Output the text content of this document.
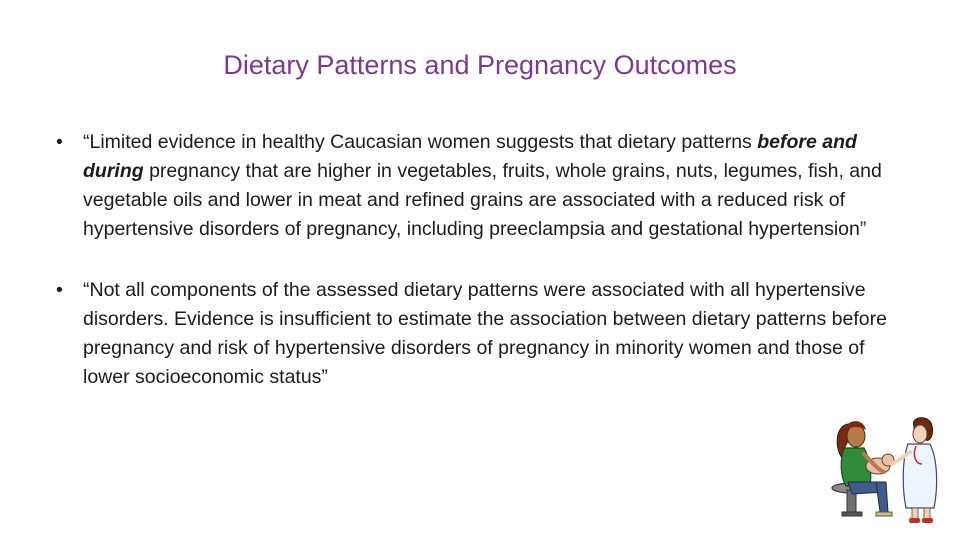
Dietary Patterns and Pregnancy Outcomes
• “Limited evidence in healthy Caucasian women suggests that dietary patterns before and during pregnancy that are higher in vegetables, fruits, whole grains, nuts, legumes, fish, and vegetable oils and lower in meat and refined grains are associated with a reduced risk of hypertensive disorders of pregnancy, including preeclampsia and gestational hypertension”
• “Not all components of the assessed dietary patterns were associated with all hypertensive disorders. Evidence is insufficient to estimate the association between dietary patterns before pregnancy and risk of hypertensive disorders of pregnancy in minority women and those of lower socioeconomic status”
